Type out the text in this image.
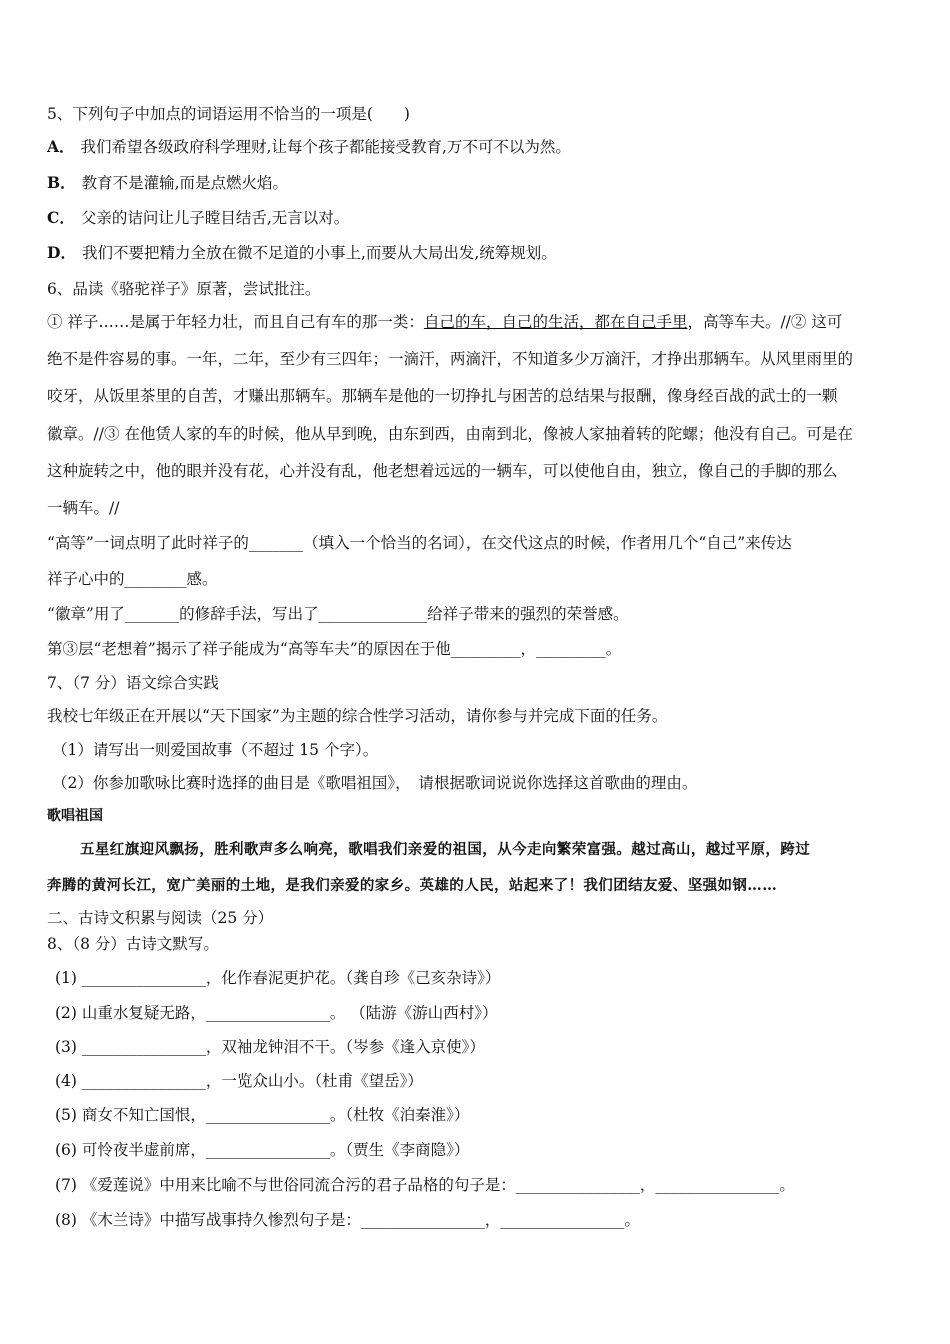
5、下列句子中加点的词语运用不恰当的一项是(　　)
A． 我们希望各级政府科学理财,让每个孩子都能接受教育,万不可不以为然。
B． 教育不是灌输,而是点燃火焰。
C． 父亲的诘问让儿子瞠目结舌,无言以对。
D． 我们不要把精力全放在微不足道的小事上,而要从大局出发,统筹规划。
6、品读《骆驼祥子》原著，尝试批注。
① 祥子……是属于年轻力壮，而且自己有车的那一类：自己的车，自己的生活，都在自己手里，高等车夫。//② 这可
绝不是件容易的事。一年，二年，至少有三四年；一滴汗，两滴汗，不知道多少万滴汗，才挣出那辆车。从风里雨里的
咬牙，从饭里茶里的自苦，才赚出那辆车。那辆车是他的一切挣扎与困苦的总结果与报酬，像身经百战的武士的一颗
徽章。//③ 在他赁人家的车的时候，他从早到晚，由东到西，由南到北，像被人家抽着转的陀螺；他没有自己。可是在
这种旋转之中，他的眼并没有花，心并没有乱，他老想着远远的一辆车，可以使他自由，独立，像自己的手脚的那么
一辆车。//
“高等”一词点明了此时祥子的_______（填入一个恰当的名词），在交代这点的时候，作者用几个“自己”来传达
祥子心中的________感。
“徽章”用了_______的修辞手法，写出了______________给祥子带来的强烈的荣誉感。
第③层“老想着”揭示了祥子能成为“高等车夫”的原因在于他_________，_________。
7、（7 分）语文综合实践
我校七年级正在开展以“天下国家”为主题的综合性学习活动，请你参与并完成下面的任务。
（1）请写出一则爱国故事（不超过 15 个字）。
（2）你参加歌咏比赛时选择的曲目是《歌唱祖国》，　请根据歌词说说你选择这首歌曲的理由。
歌唱祖国
五星红旗迎风飘扬，胜利歌声多么响亮，歌唱我们亲爱的祖国，从今走向繁荣富强。越过高山，越过平原，跨过
奔腾的黄河长江，宽广美丽的土地，是我们亲爱的家乡。英雄的人民，站起来了！我们团结友爱、坚强如钢……
二、古诗文积累与阅读（25 分）
8、（8 分）古诗文默写。
(1) ________________，化作春泥更护花。（龚自珍《己亥杂诗》）
(2) 山重水复疑无路，________________。 （陆游《游山西村》）
(3) ________________，双袖龙钟泪不干。（岑参《逢入京使》）
(4) ________________，一览众山小。（杜甫《望岳》）
(5) 商女不知亡国恨，________________。（杜牧《泊秦淮》）
(6) 可怜夜半虚前席，________________。（贾生《李商隐》）
(7) 《爱莲说》中用来比喻不与世俗同流合污的君子品格的句子是：________________，________________。
(8) 《木兰诗》中描写战事持久惨烈句子是：________________，________________。
